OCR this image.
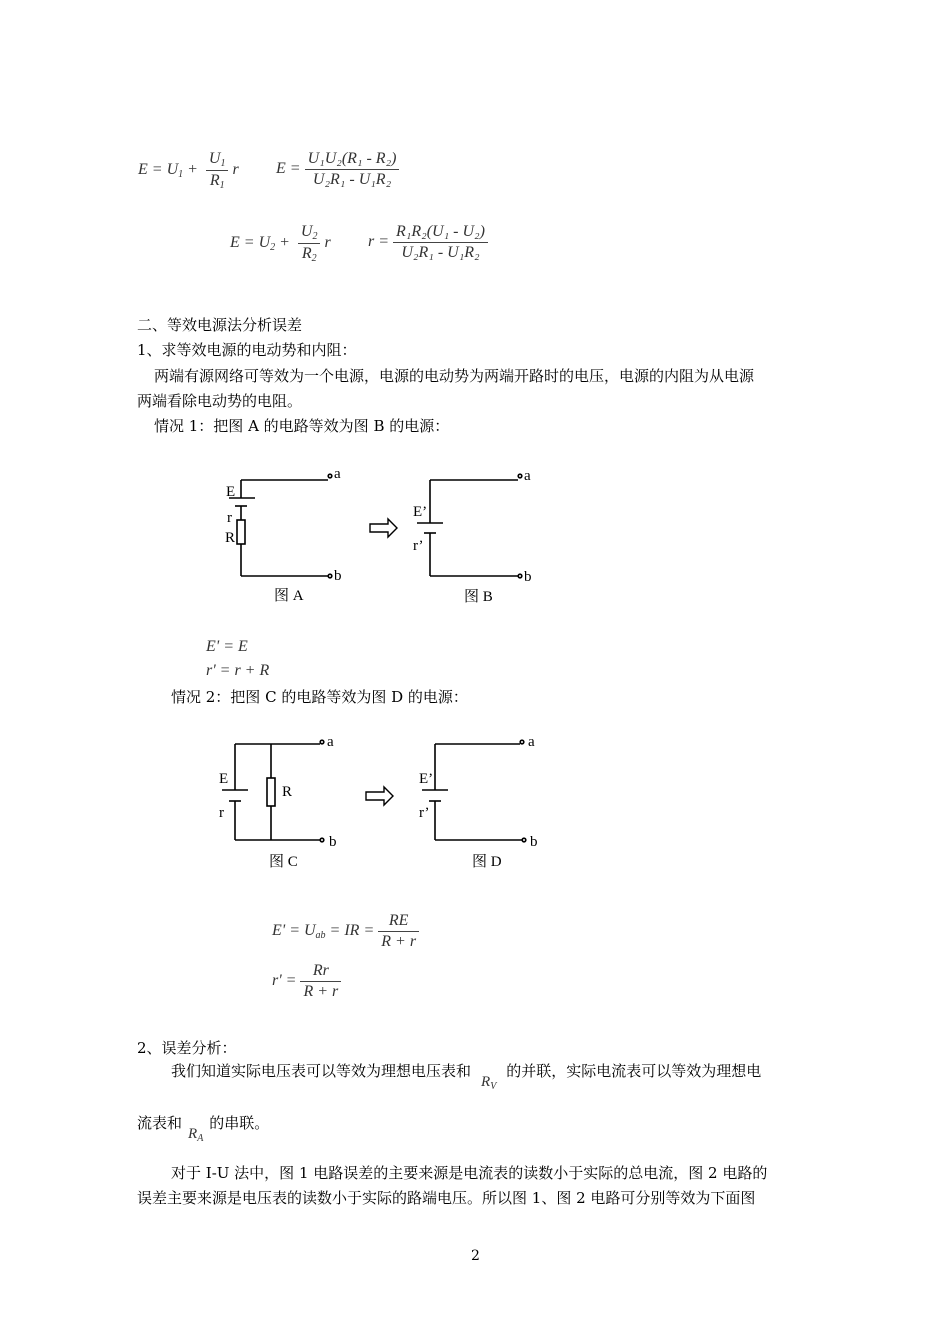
$E = U_1 + \frac{U_1}{R_1}$ r $E = \frac{\text{U₁U₂(R₁ - R₂)}}{\text{U₂R₁ - U₁R₂}}$
$E = U_2 + \frac{U_2}{R_2}$ r $r = \frac{\text{R₁R₂(U₁ - U₂)}}{\text{U₂R₁ - U₁R₂}}$
二、等效电源法分析误差
1、求等效电源的电动势和内阻：
两端有源网络可等效为一个电源，电源的电动势为两端开路时的电压，电源的内阻为从电源
两端看除电动势的电阻。
情况 1：把图 A 的电路等效为图 B 的电源：
E
r
R
a
b
图 A
E’
r’
a
b
图 B
E' = E
r' = r + R
情况 2：把图 C 的电路等效为图 D 的电源：
E
r
R
a
b
图 C
E’
r’
a
b
图 D
$E' = U_{ab}$ = IR = $\frac{RE}{R + r}$
$r' = \frac{Rr}{R + r}$
2、误差分析：
我们知道实际电压表可以等效为理想电压表和$R_V$的并联，实际电流表可以等效为理想电
流表和$R_A$的串联。
对于 I-U 法中，图 1 电路误差的主要来源是电流表的读数小于实际的总电流，图 2 电路的
误差主要来源是电压表的读数小于实际的路端电压。所以图 1、图 2 电路可分别等效为下面图
2
